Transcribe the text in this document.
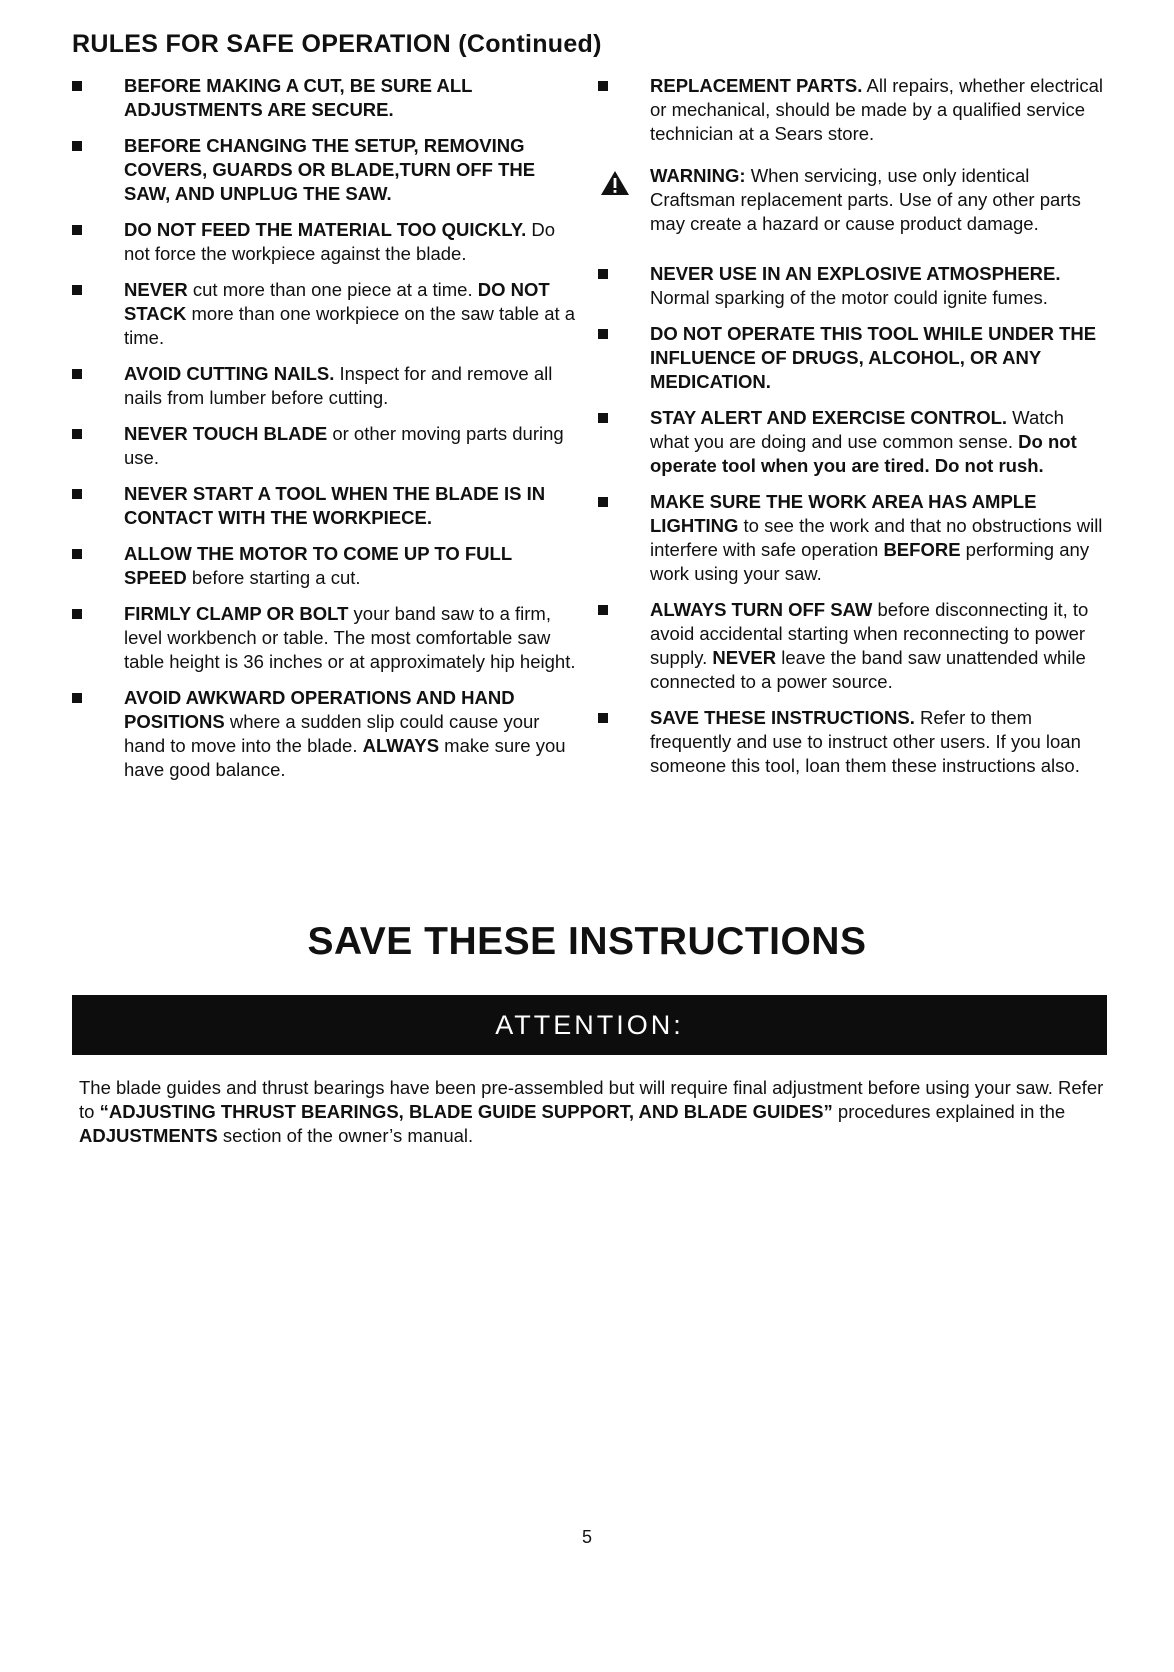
RULES FOR SAFE OPERATION (Continued)
BEFORE MAKING A CUT, BE SURE ALL ADJUSTMENTS ARE SECURE.
BEFORE CHANGING THE SETUP, REMOVING COVERS, GUARDS OR BLADE,TURN OFF THE SAW, AND UNPLUG THE SAW.
DO NOT FEED THE MATERIAL TOO QUICKLY. Do not force the workpiece against the blade.
NEVER cut more than one piece at a time. DO NOT STACK more than one workpiece on the saw table at a time.
AVOID CUTTING NAILS. Inspect for and remove all nails from lumber before cutting.
NEVER TOUCH BLADE or other moving parts during use.
NEVER START A TOOL WHEN THE BLADE IS IN CONTACT WITH THE WORKPIECE.
ALLOW THE MOTOR TO COME UP TO FULL SPEED before starting a cut.
FIRMLY CLAMP OR BOLT your band saw to a firm, level workbench or table. The most comfortable saw table height is 36 inches or at approximately hip height.
AVOID AWKWARD OPERATIONS AND HAND POSITIONS where a sudden slip could cause your hand to move into the blade. ALWAYS make sure you have good balance.
REPLACEMENT PARTS. All repairs, whether electrical or mechanical, should be made by a qualified service technician at a Sears store.
WARNING: When servicing, use only identical Craftsman replacement parts. Use of any other parts may create a hazard or cause product damage.
NEVER USE IN AN EXPLOSIVE ATMOSPHERE. Normal sparking of the motor could ignite fumes.
DO NOT OPERATE THIS TOOL WHILE UNDER THE INFLUENCE OF DRUGS, ALCOHOL, OR ANY MEDICATION.
STAY ALERT AND EXERCISE CONTROL. Watch what you are doing and use common sense. Do not operate tool when you are tired. Do not rush.
MAKE SURE THE WORK AREA HAS AMPLE LIGHTING to see the work and that no obstructions will interfere with safe operation BEFORE performing any work using your saw.
ALWAYS TURN OFF SAW before disconnecting it, to avoid accidental starting when reconnecting to power supply. NEVER leave the band saw unattended while connected to a power source.
SAVE THESE INSTRUCTIONS. Refer to them frequently and use to instruct other users. If you loan someone this tool, loan them these instructions also.
SAVE THESE INSTRUCTIONS
ATTENTION:
The blade guides and thrust bearings have been pre-assembled but will require final adjustment before using your saw. Refer to “ADJUSTING THRUST BEARINGS, BLADE GUIDE SUPPORT, AND BLADE GUIDES” procedures explained in the ADJUSTMENTS section of the owner’s manual.
5
